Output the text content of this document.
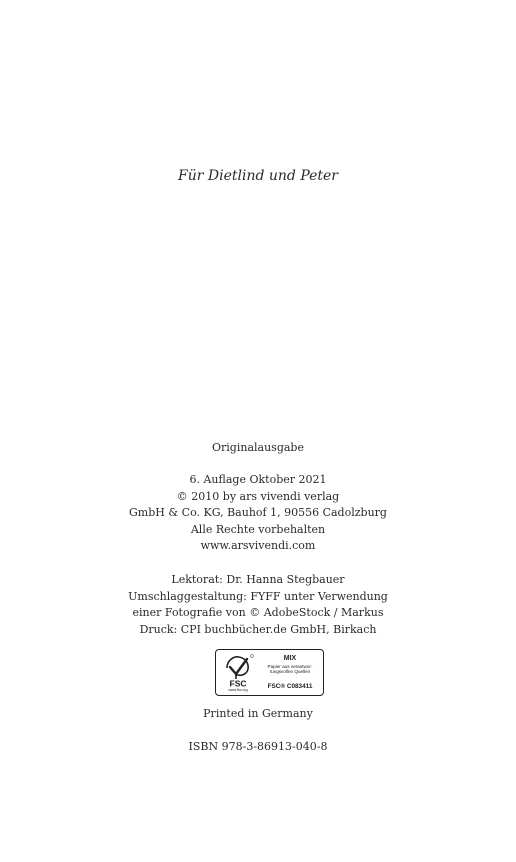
Für Dietlind und Peter
Originalausgabe
6. Auflage Oktober 2021
© 2010 by ars vivendi verlag
GmbH & Co. KG, Bauhof 1, 90556 Cadolzburg
Alle Rechte vorbehalten
www.arsvivendi.com
Lektorat: Dr. Hanna Stegbauer
Umschlaggestaltung: FYFF unter Verwendung
einer Fotografie von © AdobeStock / Markus
Druck: CPI buchbücher.de GmbH, Birkach
FSC
www.fsc.org
MIX
Papier aus verantwor-
tungsvollen Quellen
FSC® C083411
Printed in Germany
ISBN 978-3-86913-040-8
